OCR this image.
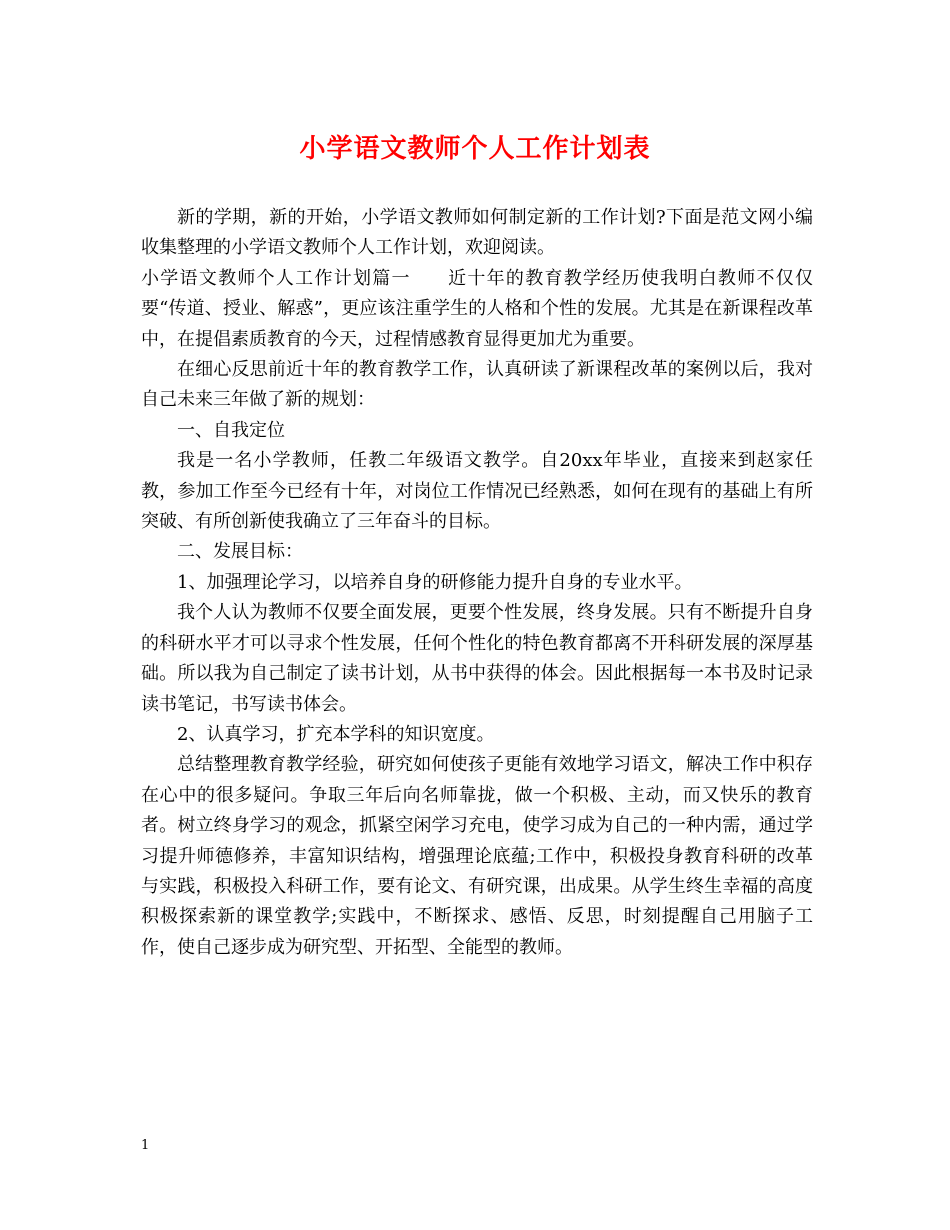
小学语文教师个人工作计划表

新的学期，新的开始，小学语文教师如何制定新的工作计划?下面是范文网小编收集整理的小学语文教师个人工作计划，欢迎阅读。

小学语文教师个人工作计划篇一 近十年的教育教学经历使我明白教师不仅仅要“传道、授业、解惑”，更应该注重学生的人格和个性的发展。尤其是在新课程改革中，在提倡素质教育的今天，过程情感教育显得更加尤为重要。

在细心反思前近十年的教育教学工作，认真研读了新课程改革的案例以后，我对自己未来三年做了新的规划：

一、自我定位

我是一名小学教师，任教二年级语文教学。自20xx年毕业，直接来到赵家任教，参加工作至今已经有十年，对岗位工作情况已经熟悉，如何在现有的基础上有所突破、有所创新使我确立了三年奋斗的目标。

二、发展目标：

1、加强理论学习，以培养自身的研修能力提升自身的专业水平。

我个人认为教师不仅要全面发展，更要个性发展，终身发展。只有不断提升自身的科研水平才可以寻求个性发展，任何个性化的特色教育都离不开科研发展的深厚基础。所以我为自己制定了读书计划，从书中获得的体会。因此根据每一本书及时记录读书笔记，书写读书体会。

2、认真学习，扩充本学科的知识宽度。

总结整理教育教学经验，研究如何使孩子更能有效地学习语文，解决工作中积存在心中的很多疑问。争取三年后向名师靠拢，做一个积极、主动，而又快乐的教育者。树立终身学习的观念，抓紧空闲学习充电，使学习成为自己的一种内需，通过学习提升师德修养，丰富知识结构，增强理论底蕴;工作中，积极投身教育科研的改革与实践，积极投入科研工作，要有论文、有研究课，出成果。从学生终生幸福的高度积极探索新的课堂教学;实践中，不断探求、感悟、反思，时刻提醒自己用脑子工作，使自己逐步成为研究型、开拓型、全能型的教师。

1
